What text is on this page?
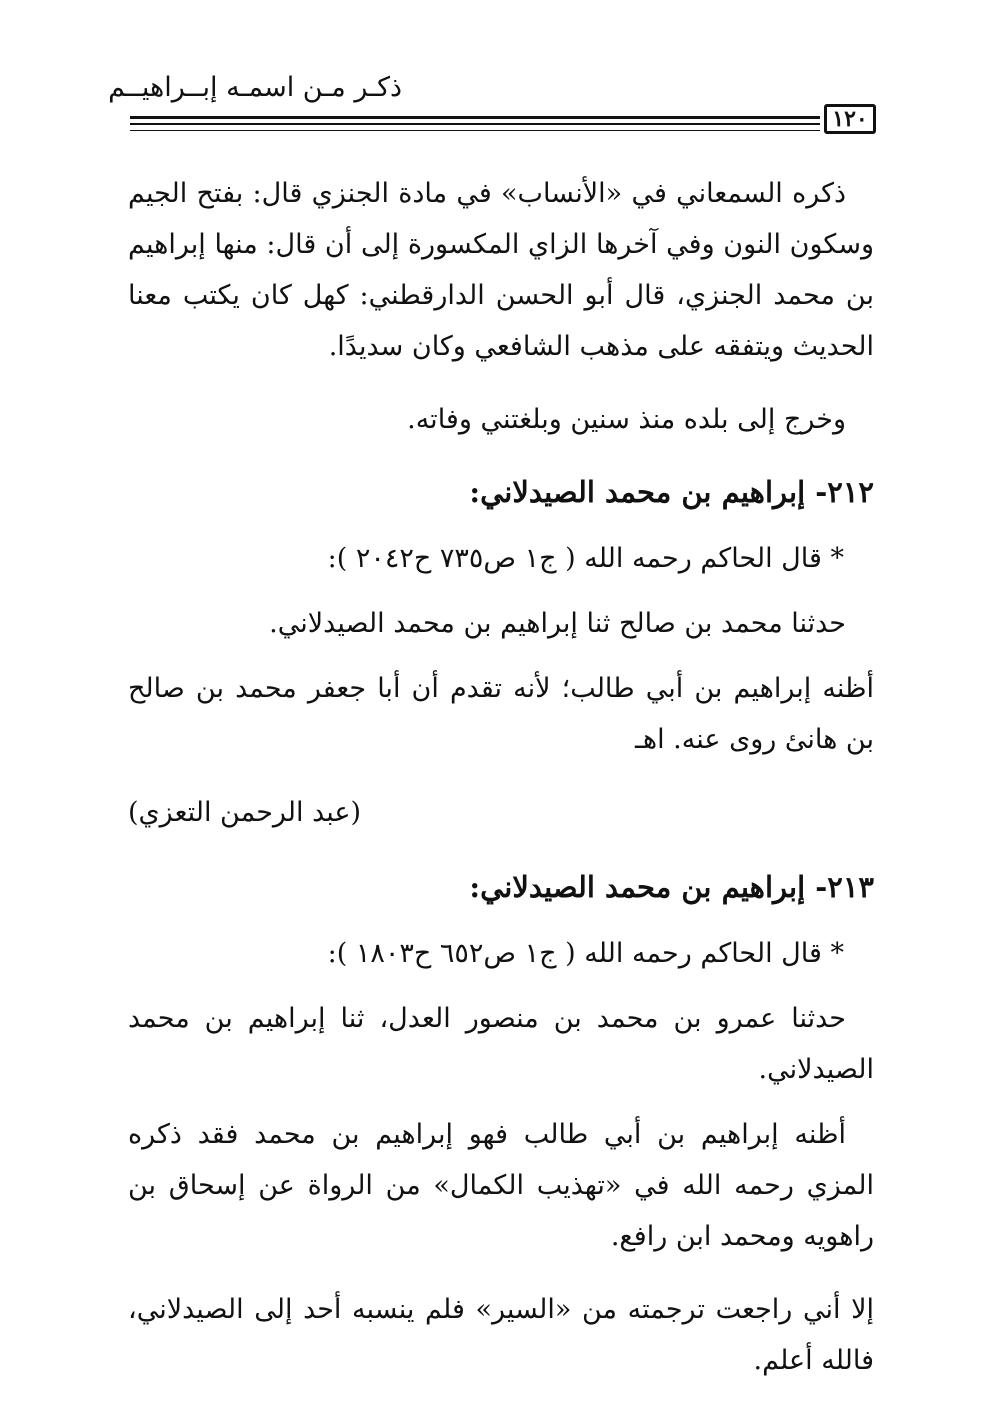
ذكـر مـن اسمـه إبــراهيــم
١٢٠

ذكره السمعاني في «الأنساب» في مادة الجنزي قال: بفتح الجيم وسكون النون وفي آخرها الزاي المكسورة إلى أن قال: منها إبراهيم بن محمد الجنزي، قال أبو الحسن الدارقطني: كهل كان يكتب معنا الحديث ويتفقه على مذهب الشافعي وكان سديدًا.

وخرج إلى بلده منذ سنين وبلغتني وفاته.

٢١٢- إبراهيم بن محمد الصيدلاني:

* قال الحاكم رحمه الله ( ج١ ص٧٣٥ ح٢٠٤٢ ):

حدثنا محمد بن صالح ثنا إبراهيم بن محمد الصيدلاني.

أظنه إبراهيم بن أبي طالب؛ لأنه تقدم أن أبا جعفر محمد بن صالح بن هانئ روى عنه. اهـ

(عبد الرحمن التعزي)

٢١٣- إبراهيم بن محمد الصيدلاني:

* قال الحاكم رحمه الله ( ج١ ص٦٥٢ ح١٨٠٣ ):

حدثنا عمرو بن محمد بن منصور العدل، ثنا إبراهيم بن محمد الصيدلاني.

أظنه إبراهيم بن أبي طالب فهو إبراهيم بن محمد فقد ذكره المزي رحمه الله في «تهذيب الكمال» من الرواة عن إسحاق بن راهويه ومحمد ابن رافع.

إلا أني راجعت ترجمته من «السير» فلم ينسبه أحد إلى الصيدلاني، فالله أعلم.
